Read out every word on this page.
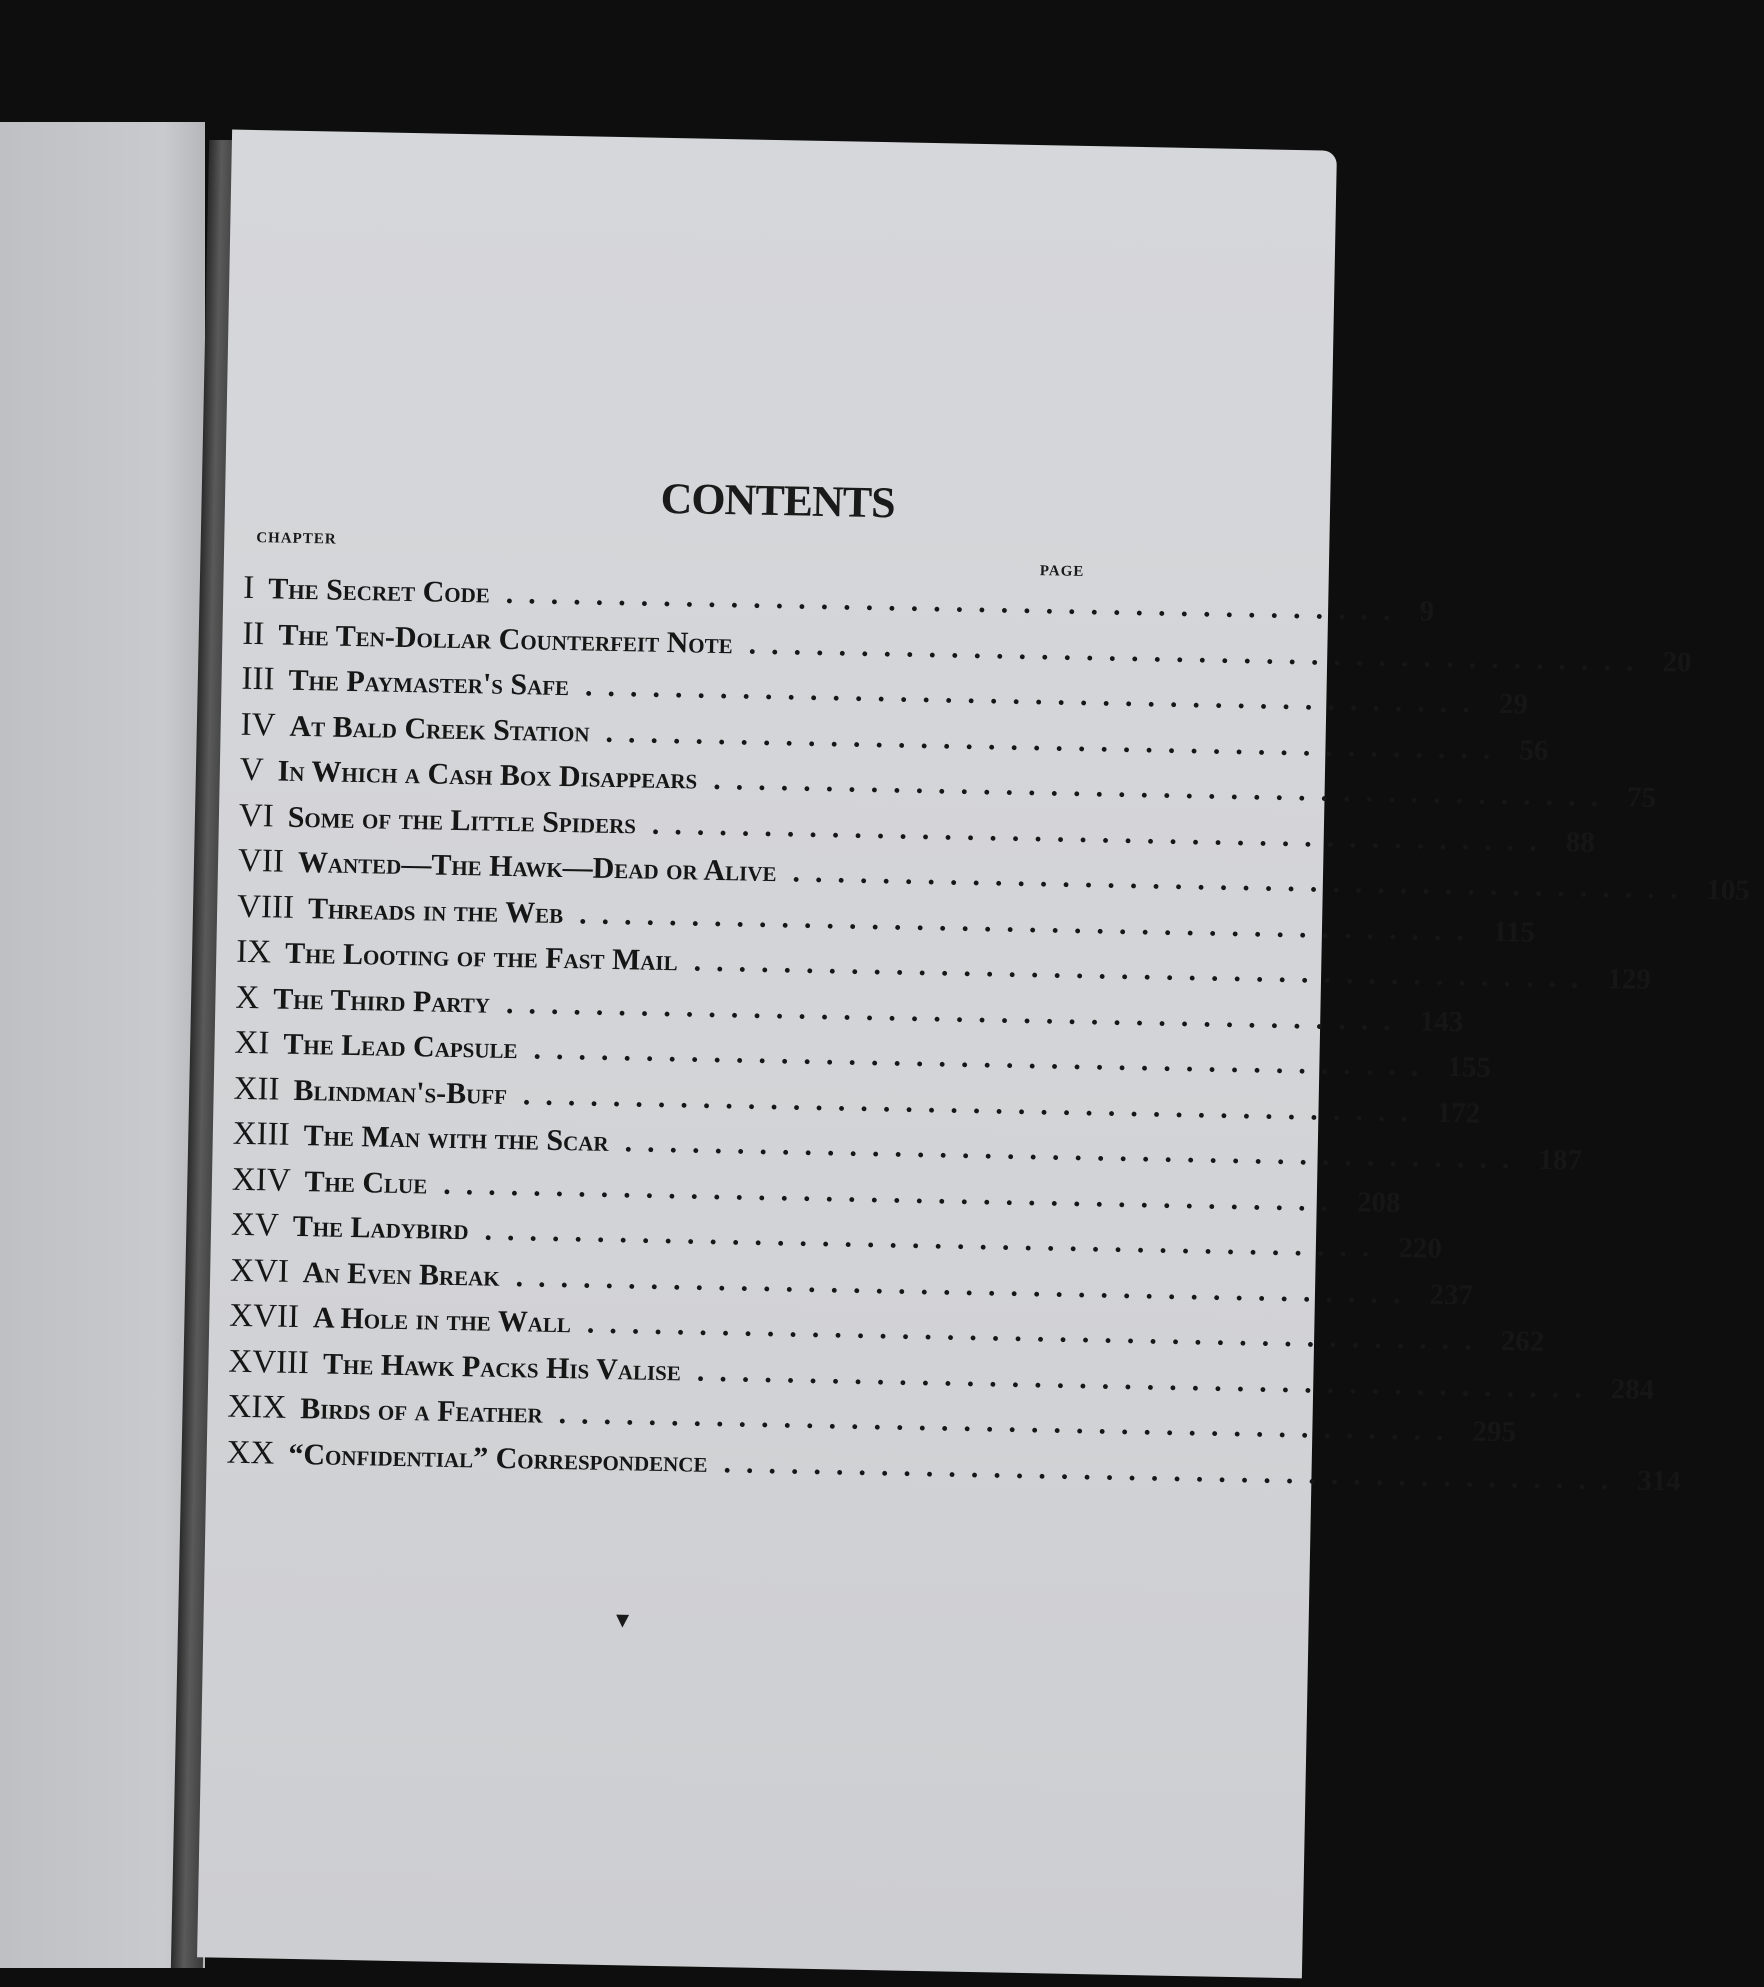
CONTENTS
CHAPTER
PAGE
I The Secret Code ........................................ 9
II The Ten-Dollar Counterfeit Note ........................................ 20
III The Paymaster's Safe ........................................ 29
IV At Bald Creek Station ........................................ 56
V In Which a Cash Box Disappears ........................................ 75
VI Some of the Little Spiders ........................................ 88
VII Wanted—The Hawk—Dead or Alive ........................................ 105
VIII Threads in the Web ........................................ 115
IX The Looting of the Fast Mail ........................................ 129
X The Third Party ........................................ 143
XI The Lead Capsule ........................................ 155
XII Blindman's-Buff ........................................ 172
XIII The Man with the Scar ........................................ 187
XIV The Clue ........................................ 208
XV The Ladybird ........................................ 220
XVI An Even Break ........................................ 237
XVII A Hole in the Wall ........................................ 262
XVIII The Hawk Packs His Valise ........................................ 284
XIX Birds of a Feather ........................................ 295
XX “Confidential” Correspondence ........................................ 314
▼
